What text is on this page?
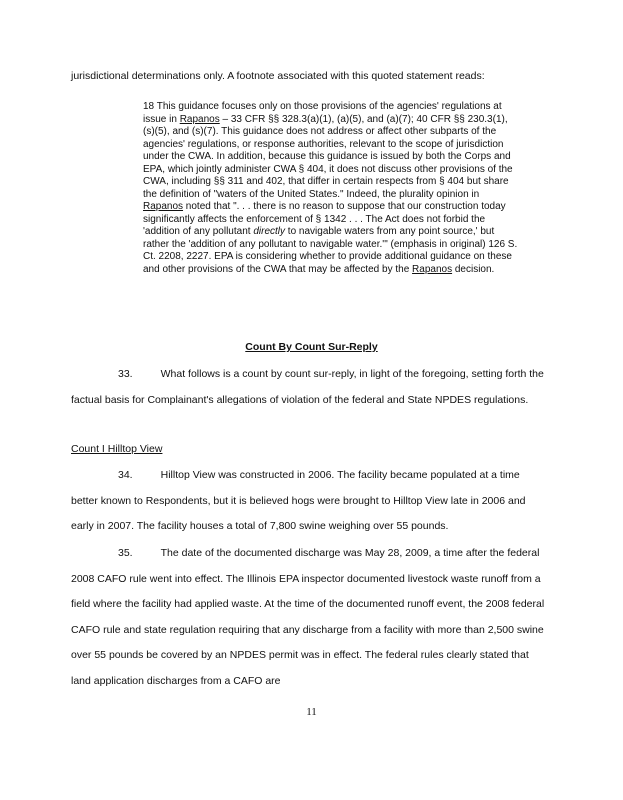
jurisdictional determinations only. A footnote associated with this quoted statement reads:

18 This guidance focuses only on those provisions of the agencies' regulations at issue in Rapanos – 33 CFR §§ 328.3(a)(1), (a)(5), and (a)(7); 40 CFR §§ 230.3(1), (s)(5), and (s)(7). This guidance does not address or affect other subparts of the agencies' regulations, or response authorities, relevant to the scope of jurisdiction under the CWA. In addition, because this guidance is issued by both the Corps and EPA, which jointly administer CWA § 404, it does not discuss other provisions of the CWA, including §§ 311 and 402, that differ in certain respects from § 404 but share the definition of "waters of the United States." Indeed, the plurality opinion in Rapanos noted that ". . . there is no reason to suppose that our construction today significantly affects the enforcement of § 1342 . . . The Act does not forbid the 'addition of any pollutant directly to navigable waters from any point source,' but rather the 'addition of any pollutant to navigable water.'" (emphasis in original) 126 S. Ct. 2208, 2227. EPA is considering whether to provide additional guidance on these and other provisions of the CWA that may be affected by the Rapanos decision.

Count By Count Sur-Reply

33.	What follows is a count by count sur-reply, in light of the foregoing, setting forth the factual basis for Complainant's allegations of violation of the federal and State NPDES regulations.

Count I Hilltop View

34.	Hilltop View was constructed in 2006. The facility became populated at a time better known to Respondents, but it is believed hogs were brought to Hilltop View late in 2006 and early in 2007. The facility houses a total of 7,800 swine weighing over 55 pounds.

35.	The date of the documented discharge was May 28, 2009, a time after the federal 2008 CAFO rule went into effect. The Illinois EPA inspector documented livestock waste runoff from a field where the facility had applied waste. At the time of the documented runoff event, the 2008 federal CAFO rule and state regulation requiring that any discharge from a facility with more than 2,500 swine over 55 pounds be covered by an NPDES permit was in effect. The federal rules clearly stated that land application discharges from a CAFO are

11
